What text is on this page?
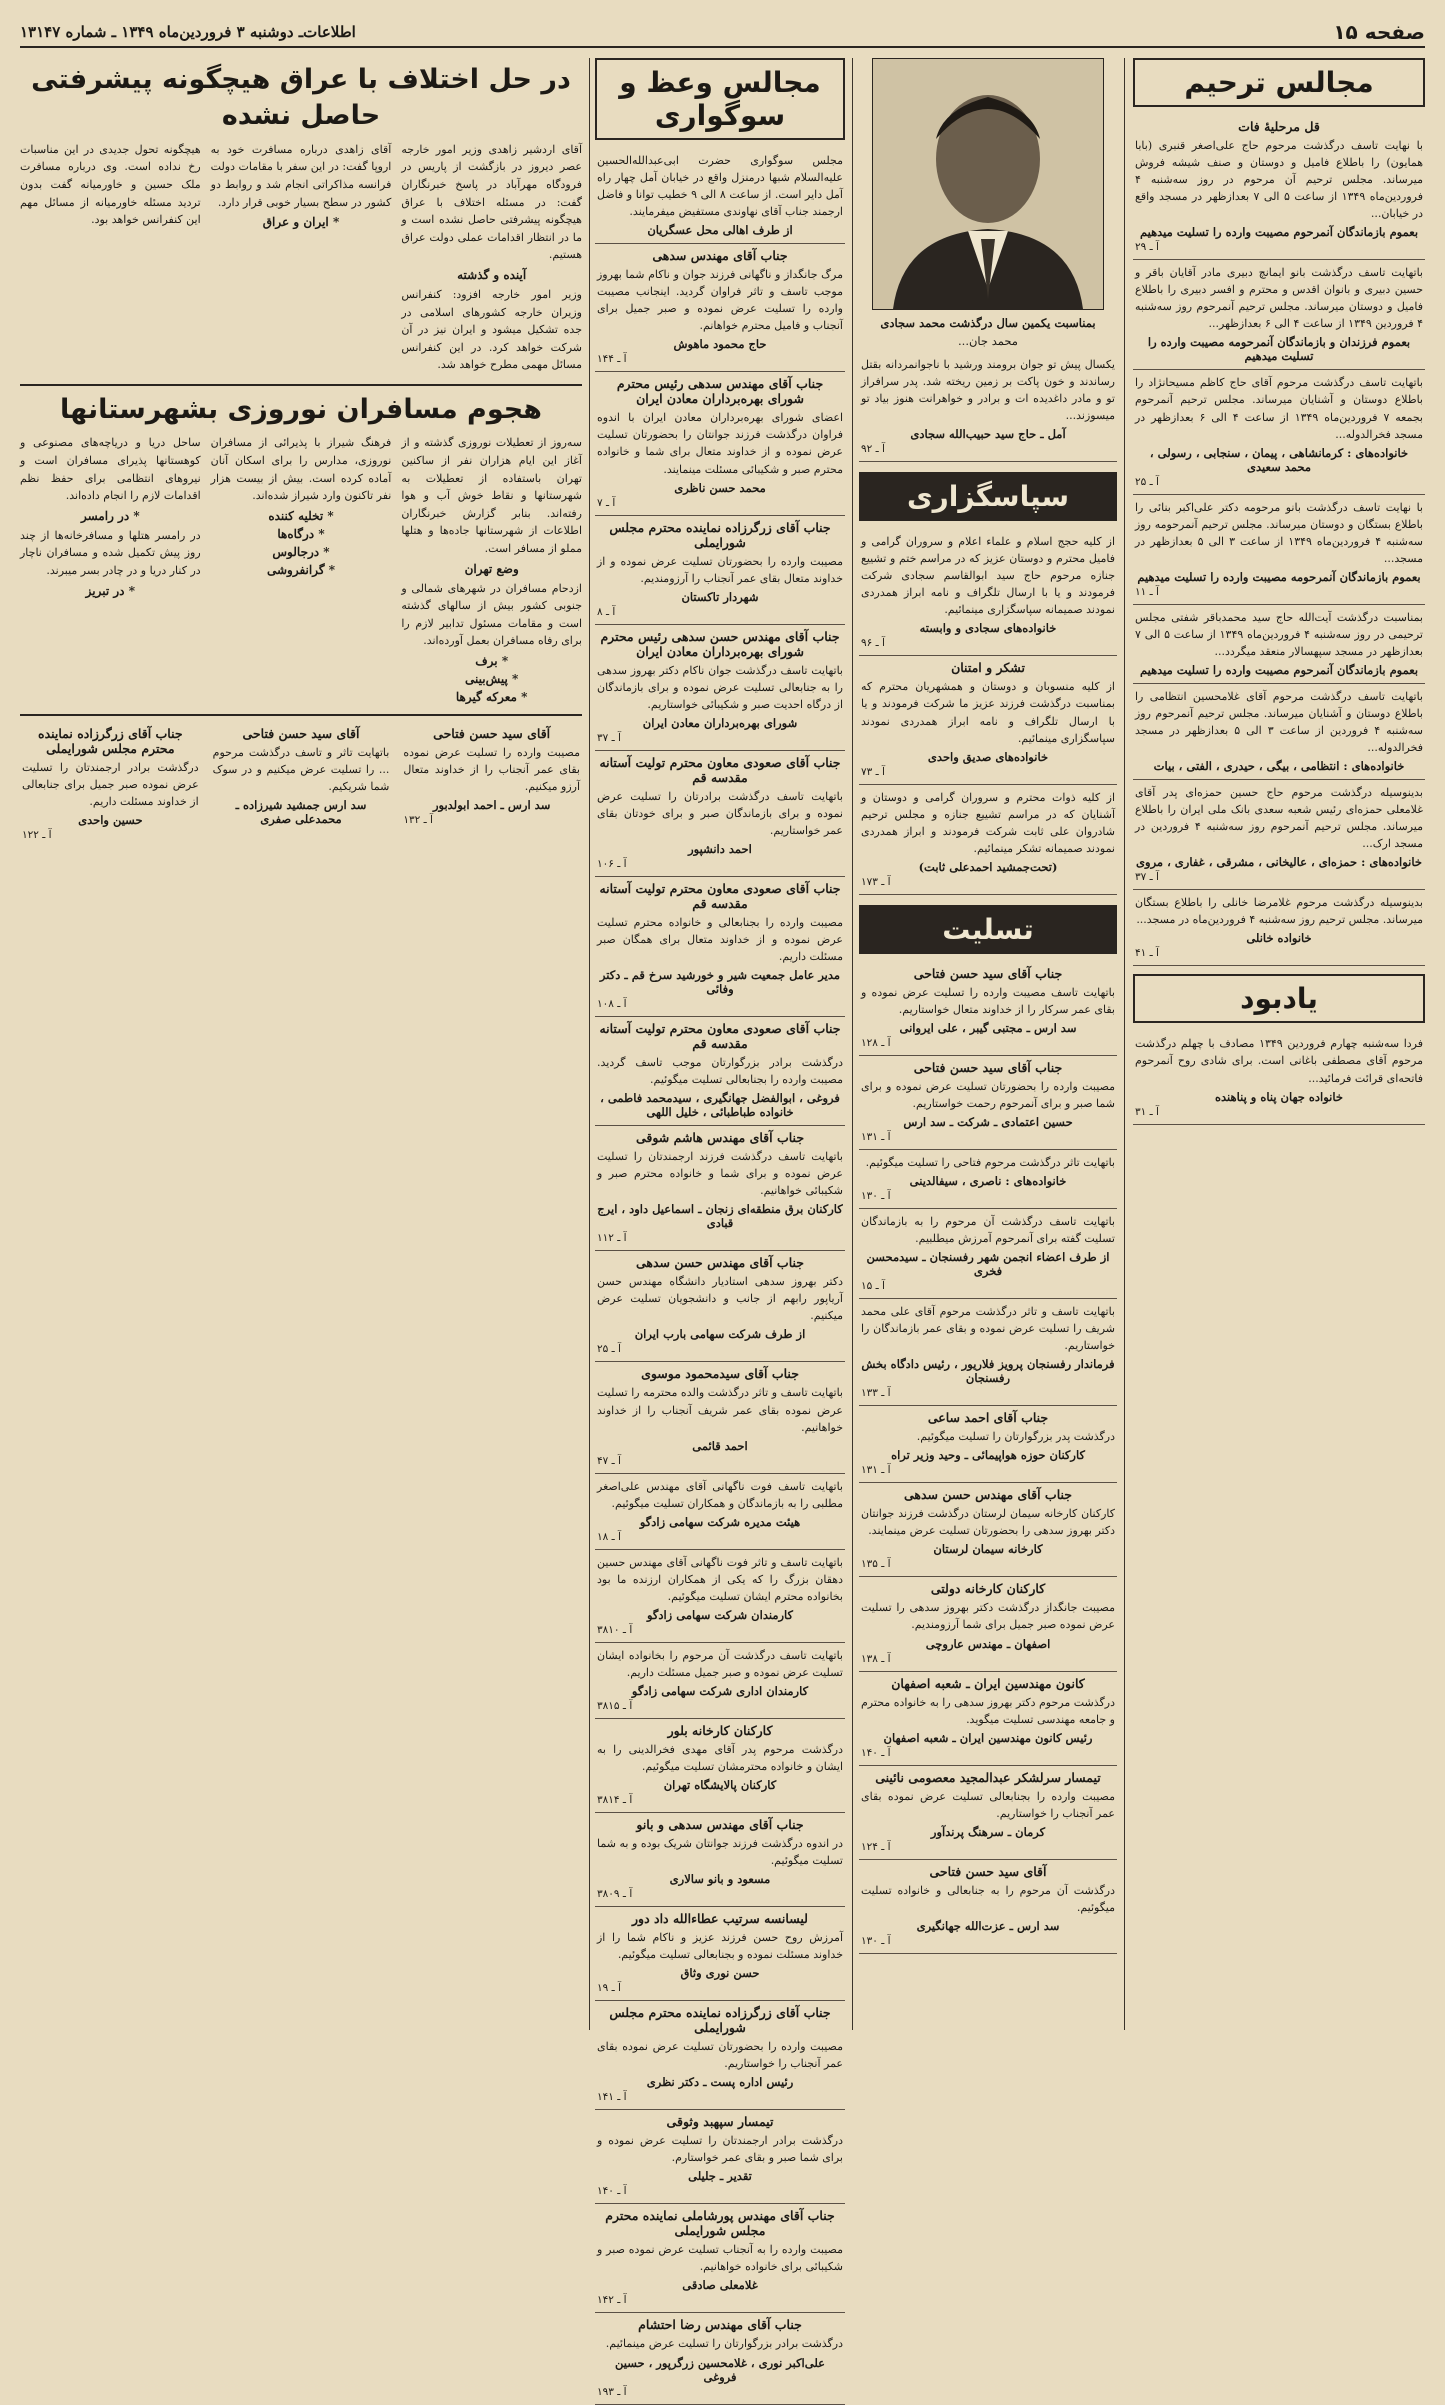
صفحه ۱۵
اطلاعات‌ـ دوشنبه ۳ فروردین‌ماه ۱۳۴۹ ـ شماره ۱۳۱۴۷
مجالس ترحیم
قل مرحلیهٔ فات
با نهایت تاسف درگذشت مرحوم حاج علی‌اصغر قنبری (بابا همایون) را باطلاع فامیل و دوستان و صنف شیشه فروش میرساند. مجلس ترحیم آن مرحوم در روز سه‌شنبه ۴ فروردین‌ماه ۱۳۴۹ از ساعت ۵ الی ۷ بعدازظهر در مسجد واقع در خیابان...
بعموم بازماندگان آنمرحوم مصیبت وارده را تسلیت میدهیم
آ ـ ۲۹
باتهایت تاسف درگذشت بانو ایمانچ دبیری مادر آقایان باقر و حسین دبیری و بانوان اقدس و محترم و افسر دبیری را باطلاع فامیل و دوستان میرساند. مجلس ترحیم آنمرحوم روز سه‌شنبه ۴ فروردین ۱۳۴۹ از ساعت ۴ الی ۶ بعدازظهر...
بعموم فرزندان و بازماندگان آنمرحومه مصیبت وارده را تسلیت میدهیم
باتهایت تاسف درگذشت مرحوم آقای حاج کاظم مسیحا‌نژاد را باطلاع دوستان و آشنایان میرساند. مجلس ترحیم آنمرحوم بجمعه ۷ فروردین‌ماه ۱۳۴۹ از ساعت ۴ الی ۶ بعدازظهر در مسجد فخرالدوله...
خانواده‌های : کرمانشاهی ، پیمان ، سنجابی ، رسولی ، محمد سعیدی
آ ـ ۲۵
با نهایت تاسف درگذشت بانو مرحومه دکتر علی‌اکبر بنائی را باطلاع بستگان و دوستان میرساند. مجلس ترحیم آنمرحومه روز سه‌شنبه ۴ فروردین‌ماه ۱۳۴۹ از ساعت ۳ الی ۵ بعدازظهر در مسجد...
بعموم بازماندگان آنمرحومه مصیبت وارده را تسلیت میدهیم
آ ـ ۱۱
بمناسبت درگذشت آیت‌الله حاج سید محمدباقر شفتی مجلس ترحیمی در روز سه‌شنبه ۴ فروردین‌ماه ۱۳۴۹ از ساعت ۵ الی ۷ بعدازظهر در مسجد سپهسالار منعقد میگردد...
بعموم بازماندگان آنمرحوم مصیبت وارده را تسلیت میدهیم
باتهایت تاسف درگذشت مرحوم آقای غلامحسین انتظامی را باطلاع دوستان و آشنایان میرساند. مجلس ترحیم آنمرحوم روز سه‌شنبه ۴ فروردین از ساعت ۳ الی ۵ بعدازظهر در مسجد فخرالدوله...
خانواده‌های : انتظامی ، بیگی ، حیدری ، الفتی ، بیات
بدینوسیله درگذشت مرحوم حاج حسین حمزه‌ای پدر آقای غلامعلی حمزه‌ای رئیس شعبه سعدی بانک ملی ایران را باطلاع میرساند. مجلس ترحیم آنمرحوم روز سه‌شنبه ۴ فروردین در مسجد ارک...
خانواده‌های : حمزه‌ای ، عالیخانی ، مشرقی ، غفاری ، مروی
آ ـ ۳۷
بدینوسیله درگذشت مرحوم غلامرضا خانلی را باطلاع بستگان میرساند. مجلس ترحیم روز سه‌شنبه ۴ فروردین‌ماه در مسجد...
خانواده خانلی
آ ـ ۴۱
یادبود
فردا سه‌شنبه چهارم فروردین ۱۳۴۹ مصادف با چهلم درگذشت مرحوم آقای مصطفی باغانی است. برای شادی روح آنمرحوم فاتحه‌ای قرائت فرمائید...
خانواده جهان پناه و پناهنده
آ ـ ۳۱
بمناسبت یکمین سال درگذشت محمد سجادی
محمد جان...
یکسال پیش تو جوان برومند ورشید با ناجوانمردانه بقتل رساندند و خون پاکت بر زمین ریخته شد. پدر سرافراز تو و مادر داغدیده ات و برادر و خواهرانت هنوز بیاد تو میسوزند...
آمل ـ حاج سید حبیب‌الله سجادی
آ ـ ۹۲
سپاسگزاری
از کلیه حجج اسلام و علماء اعلام و سروران گرامی و فامیل محترم و دوستان عزیز که در مراسم ختم و تشییع جنازه مرحوم حاج سید ابوالقاسم سجادی شرکت فرمودند و یا با ارسال تلگراف و نامه ابراز همدردی نمودند صمیمانه سپاسگزاری مینمائیم.
خانواده‌های سجادی و وابسته
آ ـ ۹۶
تشکر و امتنان
از کلیه منسوبان و دوستان و همشهریان محترم که بمناسبت درگذشت فرزند عزیز ما شرکت فرمودند و یا با ارسال تلگراف و نامه ابراز همدردی نمودند سپاسگزاری مینمائیم.
خانواده‌های صدیق واحدی
آ ـ ۷۳
از کلیه ذوات محترم و سروران گرامی و دوستان و آشنایان که در مراسم تشییع جنازه و مجلس ترحیم شادروان علی ثابت شرکت فرمودند و ابراز همدردی نمودند صمیمانه تشکر مینمائیم.
(تحت‌جمشید احمدعلی ثابت)
آ ـ ۱۷۳
تسلیت
جناب آقای سید حسن فتاحی
باتهایت تاسف مصیبت وارده را تسلیت عرض نموده و بقای عمر سرکار را از خداوند متعال خواستاریم.
سد ارس ـ مجتبی گیبر ، علی ایروانی
آ ـ ۱۲۸
جناب آقای سید حسن فتاحی
مصیبت وارده را بحضورتان تسلیت عرض نموده و برای شما صبر و برای آنمرحوم رحمت خواستاریم.
حسین اعتمادی ـ شرکت ـ سد ارس
آ ـ ۱۳۱
باتهایت تاثر درگذشت مرحوم فتاحی را تسلیت میگوئیم.
خانواده‌های : ناصری ، سیفالدینی
آ ـ ۱۳۰
باتهایت تاسف درگذشت آن مرحوم را به بازماندگان تسلیت گفته برای آنمرحوم آمرزش میطلبیم.
از طرف اعضاء انجمن شهر رفسنجان ـ سیدمحسن فخری
آ ـ ۱۵
باتهایت تاسف و تاثر درگذشت مرحوم آقای علی محمد شریف را تسلیت عرض نموده و بقای عمر بازماندگان را خواستاریم.
فرماندار رفسنجان پرویز فلاریور ، رئیس دادگاه بخش رفسنجان
آ ـ ۱۳۳
جناب آقای احمد ساعی
درگذشت پدر بزرگوارتان را تسلیت میگوئیم.
کارکنان حوزه هواپیمائی ـ وحید وزیر تراه
آ ـ ۱۳۱
جناب آقای مهندس حسن سدهی
کارکنان کارخانه سیمان لرستان درگذشت فرزند جوانتان دکتر بهروز سدهی را بحضورتان تسلیت عرض مینمایند.
کارخانه سیمان لرستان
آ ـ ۱۳۵
کارکنان کارخانه دولتی
مصیبت جانگداز درگذشت دکتر بهروز سدهی را تسلیت عرض نموده صبر جمیل برای شما آرزومندیم.
اصفهان ـ مهندس عاروچی
آ ـ ۱۳۸
کانون مهندسین ایران ـ شعبه اصفهان
درگذشت مرحوم دکتر بهروز سدهی را به خانواده محترم و جامعه مهندسی تسلیت میگوید.
رئیس کانون مهندسین ایران ـ شعبه اصفهان
آ ـ ۱۴۰
تیمسار سرلشکر عبدالمجید معصومی نائینی
مصیبت وارده را بجنابعالی تسلیت عرض نموده بقای عمر آنجناب را خواستاریم.
کرمان ـ سرهنگ پرندآور
آ ـ ۱۲۴
آقای سید حسن فتاحی
درگذشت آن مرحوم را به جنابعالی و خانواده تسلیت میگوئیم.
سد ارس ـ عزت‌الله جهانگیری
آ ـ ۱۳۰
مجالس وعظ و سوگواری
مجلس سوگواری حضرت ابی‌عبدالله‌الحسین علیه‌السلام شبها درمنزل واقع در خیابان آمل چهار راه آمل دایر است. از ساعت ۸ الی ۹ خطیب توانا و فاضل ارجمند جناب آقای نهاوندی مستفیض میفرمایند.
از طرف اهالی محل عسگریان
جناب آقای مهندس سدهی
مرگ جانگداز و ناگهانی فرزند جوان و ناکام شما بهروز موجب تاسف و تاثر فراوان گردید. اینجانب مصیبت وارده را تسلیت عرض نموده و صبر جمیل برای آنجناب و فامیل محترم خواهانم.
حاج محمود ماهوش
آ ـ ۱۴۴
جناب آقای مهندس سدهی رئیس محترم شورای بهره‌برداران معادن ایران
اعضای شورای بهره‌برداران معادن ایران با اندوه فراوان درگذشت فرزند جوانتان را بحضورتان تسلیت عرض نموده و از خداوند متعال برای شما و خانواده محترم صبر و شکیبائی مسئلت مینمایند.
محمد حسن ناظری
آ ـ ۷
جناب آقای زرگرزاده نماینده محترم مجلس شورایملی
مصیبت وارده را بحضورتان تسلیت عرض نموده و از خداوند متعال بقای عمر آنجناب را آرزومندیم.
شهردار تاکستان
آ ـ ۸
جناب آقای مهندس حسن سدهی رئیس محترم شورای بهره‌برداران معادن ایران
باتهایت تاسف درگذشت جوان ناکام دکتر بهروز سدهی را به جنابعالی تسلیت عرض نموده و برای بازماندگان از درگاه احدیت صبر و شکیبائی خواستاریم.
شورای بهره‌برداران معادن ایران
آ ـ ۳۷
جناب آقای صعودی معاون محترم تولیت آستانه مقدسه قم
باتهایت تاسف درگذشت برادرتان را تسلیت عرض نموده و برای بازماندگان صبر و برای خودتان بقای عمر خواستاریم.
احمد دانشپور
آ ـ ۱۰۶
جناب آقای صعودی معاون محترم تولیت آستانه مقدسه قم
مصیبت وارده را بجنابعالی و خانواده محترم تسلیت عرض نموده و از خداوند متعال برای همگان صبر مسئلت داریم.
مدیر عامل جمعیت شیر و خورشید سرخ قم ـ دکتر وفائی
آ ـ ۱۰۸
جناب آقای صعودی معاون محترم تولیت آستانه مقدسه قم
درگذشت برادر بزرگوارتان موجب تاسف گردید. مصیبت وارده را بجنابعالی تسلیت میگوئیم.
فروغی ، ابوالفضل جهانگیری ، سیدمحمد فاطمی ، خانواده طباطبائی ، خلیل اللهی
جناب آقای مهندس هاشم شوقی
باتهایت تاسف درگذشت فرزند ارجمندتان را تسلیت عرض نموده و برای شما و خانواده محترم صبر و شکیبائی خواهانیم.
کارکنان برق منطقه‌ای زنجان ـ اسماعیل داود ، ایرج قبادی
آ ـ ۱۱۲
جناب آقای مهندس حسن سدهی
دکتر بهروز سدهی استادیار دانشگاه مهندس حسن آریاپور رابهم از جانب و دانشجویان تسلیت عرض میکنیم.
از طرف شرکت سهامی بارب ایران
آ ـ ۲۵
جناب آقای سیدمحمود موسوی
باتهایت تاسف و تاثر درگذشت والده محترمه را تسلیت عرض نموده بقای عمر شریف آنجناب را از خداوند خواهانیم.
احمد قائمی
آ ـ ۴۷
باتهایت تاسف فوت ناگهانی آقای مهندس علی‌اصغر مطلبی را به بازماندگان و همکاران تسلیت میگوئیم.
هیئت مدیره شرکت سهامی زادگو
آ ـ ۱۸
باتهایت تاسف و تاثر فوت ناگهانی آقای مهندس حسین دهقان بزرگ را که یکی از همکاران ارزنده ما بود بخانواده محترم ایشان تسلیت میگوئیم.
کارمندان شرکت سهامی زادگو
آ ـ ۳۸۱۰
باتهایت تاسف درگذشت آن مرحوم را بخانواده ایشان تسلیت عرض نموده و صبر جمیل مسئلت داریم.
کارمندان اداری شرکت سهامی زادگو
آ ـ ۳۸۱۵
کارکنان کارخانه بلور
درگذشت مرحوم پدر آقای مهدی فخرالدینی را به ایشان و خانواده محترمشان تسلیت میگوئیم.
کارکنان پالایشگاه تهران
آ ـ ۳۸۱۴
جناب آقای مهندس سدهی و بانو
در اندوه درگذشت فرزند جوانتان شریک بوده و به شما تسلیت میگوئیم.
مسعود و بانو سالاری
آ ـ ۳۸۰۹
لیسانسه سرتیب عطاءالله داد دور
آمرزش روح حسن فرزند عزیز و ناکام شما را از خداوند مسئلت نموده و بجنابعالی تسلیت میگوئیم.
حسن نوری وثاق
آ ـ ۱۹
جناب آقای زرگرزاده نماینده محترم مجلس شورایملی
مصیبت وارده را بحضورتان تسلیت عرض نموده بقای عمر آنجناب را خواستاریم.
رئیس اداره پست ـ دکتر نظری
آ ـ ۱۴۱
تیمسار سپهبد وثوقی
درگذشت برادر ارجمندتان را تسلیت عرض نموده و برای شما صبر و بقای عمر خواستارم.
تقدیر ـ جلیلی
آ ـ ۱۴۰
جناب آقای مهندس پورشاملی نماینده محترم مجلس شورایملی
مصیبت وارده را به آنجناب تسلیت عرض نموده صبر و شکیبائی برای خانواده خواهانیم.
غلامعلی صادقی
آ ـ ۱۴۲
جناب آقای مهندس رضا احتشام
درگذشت برادر بزرگوارتان را تسلیت عرض مینمائیم.
علی‌اکبر نوری ، غلامحسین زرگرپور ، حسین فروغی
آ ـ ۱۹۳
در حل اختلاف با عراق هیچگونه پیشرفتی حاصل نشده
آقای اردشیر زاهدی وزیر امور خارجه عصر دیروز در بازگشت از پاریس در فرودگاه مهرآباد در پاسخ خبرنگاران گفت: در مسئله اختلاف با عراق هیچگونه پیشرفتی حاصل نشده است و ما در انتظار اقدامات عملی دولت عراق هستیم.
آینده و گذشته
وزیر امور خارجه افزود: کنفرانس وزیران خارجه کشورهای اسلامی در جده تشکیل میشود و ایران نیز در آن شرکت خواهد کرد. در این کنفرانس مسائل مهمی مطرح خواهد شد.
آقای زاهدی درباره مسافرت خود به اروپا گفت: در این سفر با مقامات دولت فرانسه مذاکراتی انجام شد و روابط دو کشور در سطح بسیار خوبی قرار دارد.
* ایران و عراق
هیچگونه تحول جدیدی در این مناسبات رخ نداده است. وی درباره مسافرت ملک حسین و خاورمیانه گفت بدون تردید مسئله خاورمیانه از مسائل مهم این کنفرانس خواهد بود.
هجوم مسافران نوروزی بشهرستانها
سه‌روز از تعطیلات نوروزی گذشته و از آغاز این ایام هزاران نفر از ساکنین تهران باستفاده از تعطیلات به شهرستانها و نقاط خوش آب و هوا رفته‌اند. بنابر گزارش خبرنگاران اطلاعات از شهرستانها جاده‌ها و هتلها مملو از مسافر است.
وضع تهران
ازدحام مسافران در شهرهای شمالی و جنوبی کشور بیش از سالهای گذشته است و مقامات مسئول تدابیر لازم را برای رفاه مسافران بعمل آورده‌اند.
* برف
* پیش‌بینی
* معرکه گیرها
فرهنگ شیراز با پذیرائی از مسافران نوروزی، مدارس را برای اسکان آنان آماده کرده است. بیش از بیست هزار نفر تاکنون وارد شیراز شده‌اند.
* تخلیه کننده
* درگاه‌ها
* درجالوس
* گرانفروشی
ساحل دریا و دریاچه‌های مصنوعی و کوهستانها پذیرای مسافران است و نیروهای انتظامی برای حفظ نظم اقدامات لازم را انجام داده‌اند.
* در رامسر
در رامسر هتلها و مسافرخانه‌ها از چند روز پیش تکمیل شده و مسافران ناچار در کنار دریا و در چادر بسر میبرند.
* در تبریز
آقای سید حسن فتاحی
مصیبت وارده را تسلیت عرض نموده بقای عمر آنجناب را از خداوند متعال آرزو میکنیم.
سد ارس ـ احمد ابولدبور
آ ـ ۱۳۲
آقای سید حسن فتاحی
باتهایت تاثر و تاسف درگذشت مرحوم ... را تسلیت عرض میکنیم و در سوک شما شریکیم.
سد ارس جمشید شیرزاده ـ محمدعلی صفری
جناب آقای زرگرزاده نماینده محترم مجلس شورایملی
درگذشت برادر ارجمندتان را تسلیت عرض نموده صبر جمیل برای جنابعالی از خداوند مسئلت داریم.
حسین واحدی
آ ـ ۱۲۲
